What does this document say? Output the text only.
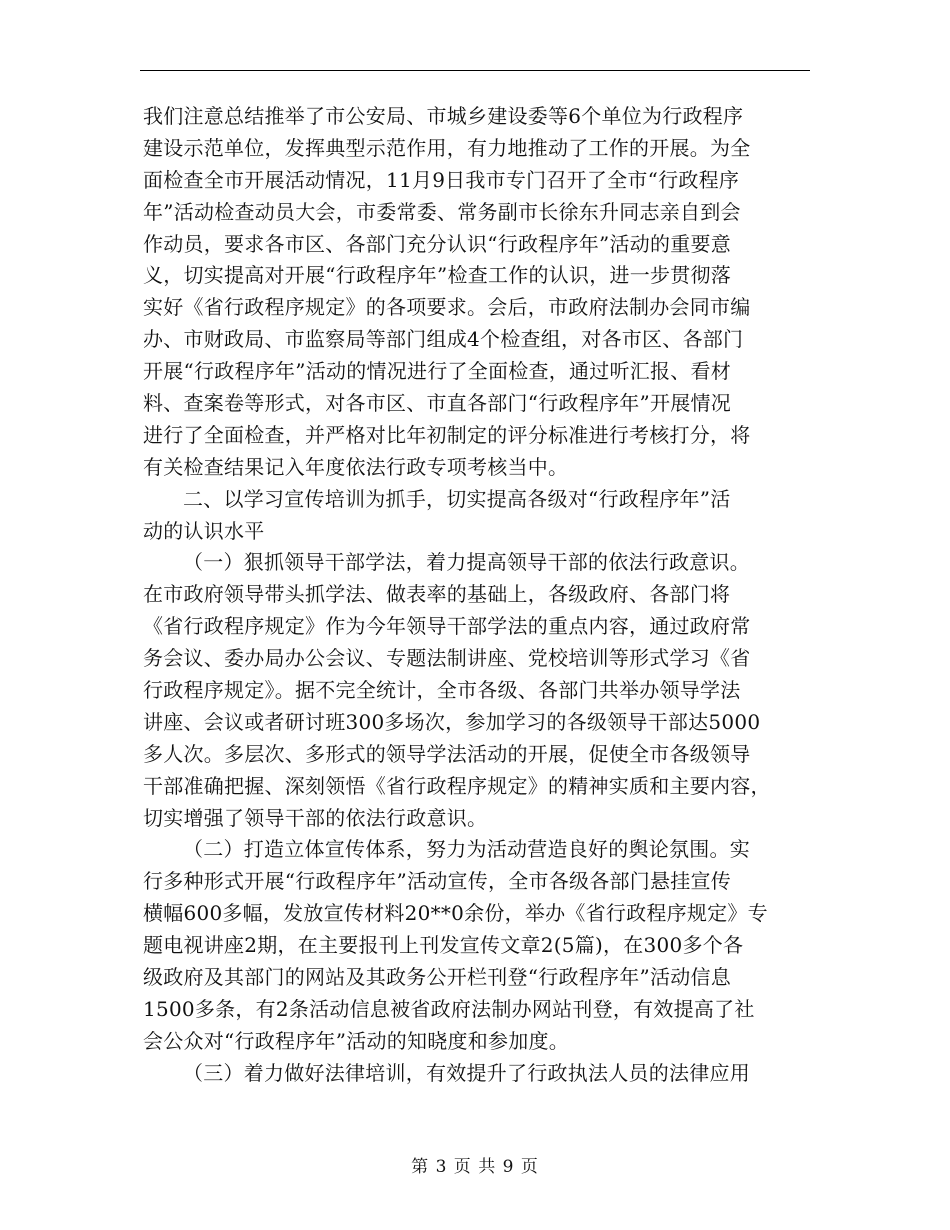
我们注意总结推举了市公安局、市城乡建设委等6个单位为行政程序
建设示范单位，发挥典型示范作用，有力地推动了工作的开展。为全
面检查全市开展活动情况，11月9日我市专门召开了全市“行政程序
年”活动检查动员大会，市委常委、常务副市长徐东升同志亲自到会
作动员，要求各市区、各部门充分认识“行政程序年”活动的重要意
义，切实提高对开展“行政程序年”检查工作的认识，进一步贯彻落
实好《省行政程序规定》的各项要求。会后，市政府法制办会同市编
办、市财政局、市监察局等部门组成4个检查组，对各市区、各部门
开展“行政程序年”活动的情况进行了全面检查，通过听汇报、看材
料、查案卷等形式，对各市区、市直各部门“行政程序年”开展情况
进行了全面检查，并严格对比年初制定的评分标准进行考核打分，将
有关检查结果记入年度依法行政专项考核当中。
二、以学习宣传培训为抓手，切实提高各级对“行政程序年”活
动的认识水平
（一）狠抓领导干部学法，着力提高领导干部的依法行政意识。
在市政府领导带头抓学法、做表率的基础上，各级政府、各部门将
《省行政程序规定》作为今年领导干部学法的重点内容，通过政府常
务会议、委办局办公会议、专题法制讲座、党校培训等形式学习《省
行政程序规定》。据不完全统计，全市各级、各部门共举办领导学法
讲座、会议或者研讨班300多场次，参加学习的各级领导干部达5000
多人次。多层次、多形式的领导学法活动的开展，促使全市各级领导
干部准确把握、深刻领悟《省行政程序规定》的精神实质和主要内容，
切实增强了领导干部的依法行政意识。
（二）打造立体宣传体系，努力为活动营造良好的舆论氛围。实
行多种形式开展“行政程序年”活动宣传，全市各级各部门悬挂宣传
横幅600多幅，发放宣传材料20**0余份，举办《省行政程序规定》专
题电视讲座2期，在主要报刊上刊发宣传文章2(5篇)，在300多个各
级政府及其部门的网站及其政务公开栏刊登“行政程序年”活动信息
1500多条，有2条活动信息被省政府法制办网站刊登，有效提高了社
会公众对“行政程序年”活动的知晓度和参加度。
（三）着力做好法律培训，有效提升了行政执法人员的法律应用
第 3 页 共 9 页
